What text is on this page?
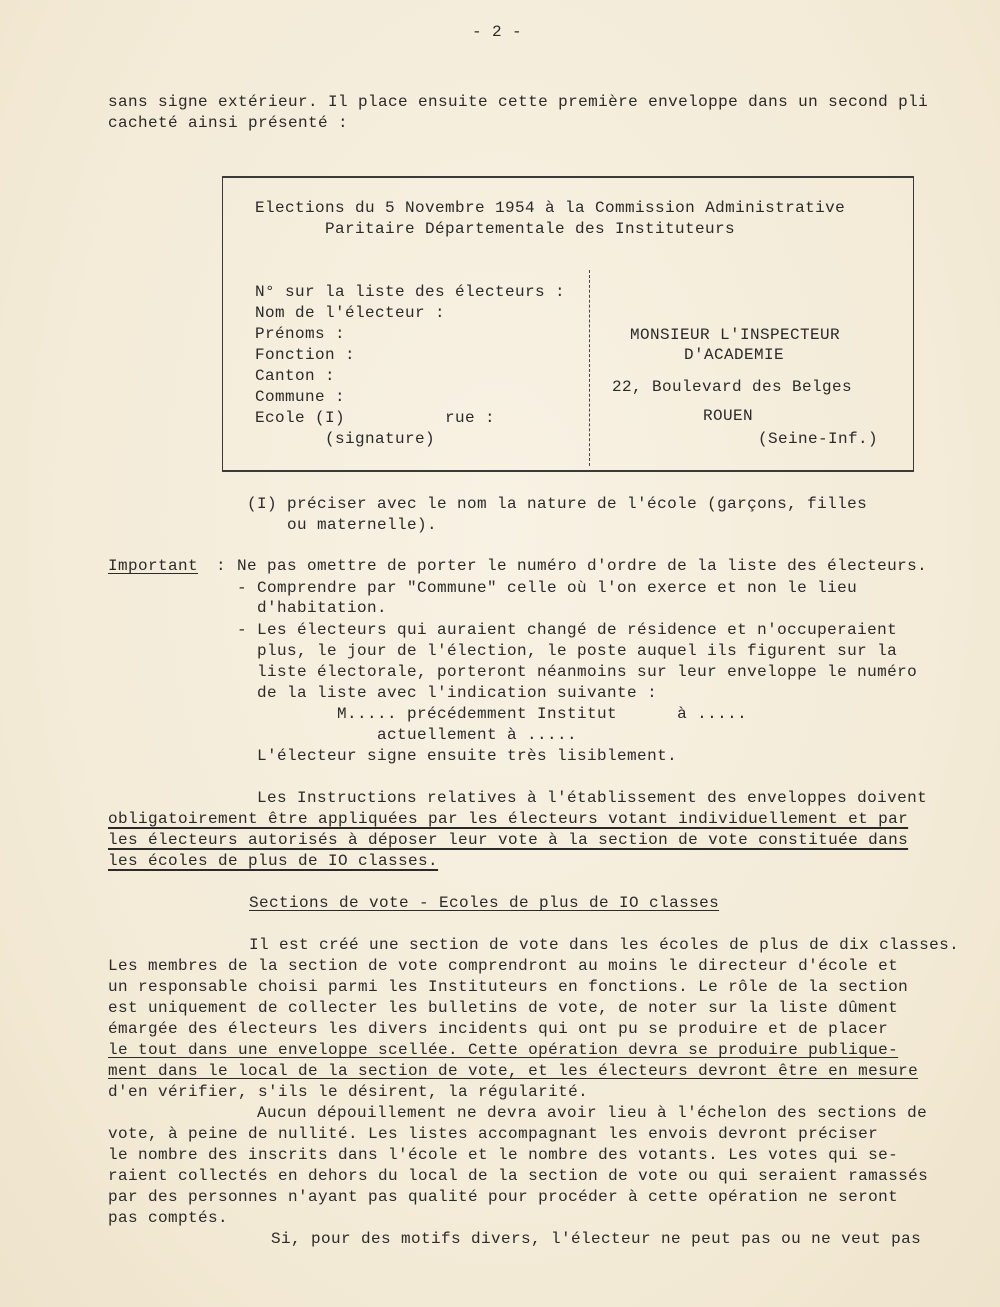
- 2 -
sans signe extérieur. Il place ensuite cette première enveloppe dans un second pli
cacheté ainsi présenté :
Elections du 5 Novembre 1954 à la Commission Administrative
Paritaire Départementale des Instituteurs
N° sur la liste des électeurs :
Nom de l'électeur :
Prénoms :
Fonction :
Canton :
Commune :
Ecole (I)          rue :
(signature)
MONSIEUR L'INSPECTEUR
D'ACADEMIE
22, Boulevard des Belges
ROUEN
(Seine-Inf.)
(I) préciser avec le nom la nature de l'école (garçons, filles
ou maternelle).
Important : Ne pas omettre de porter le numéro d'ordre de la liste des électeurs.
- Comprendre par "Commune" celle où l'on exerce et non le lieu
d'habitation.
- Les électeurs qui auraient changé de résidence et n'occuperaient
plus, le jour de l'élection, le poste auquel ils figurent sur la
liste électorale, porteront néanmoins sur leur enveloppe le numéro
de la liste avec l'indication suivante :
M..... précédemment Institut      à .....
actuellement à .....
L'électeur signe ensuite très lisiblement.
Les Instructions relatives à l'établissement des enveloppes doivent
obligatoirement être appliquées par les électeurs votant individuellement et par
les électeurs autorisés à déposer leur vote à la section de vote constituée dans
les écoles de plus de IO classes.
Sections de vote - Ecoles de plus de IO classes
Il est créé une section de vote dans les écoles de plus de dix classes.
Les membres de la section de vote comprendront au moins le directeur d'école et
un responsable choisi parmi les Instituteurs en fonctions. Le rôle de la section
est uniquement de collecter les bulletins de vote, de noter sur la liste dûment
émargée des électeurs les divers incidents qui ont pu se produire et de placer
le tout dans une enveloppe scellée. Cette opération devra se produire publique-
ment dans le local de la section de vote, et les électeurs devront être en mesure
d'en vérifier, s'ils le désirent, la régularité.
Aucun dépouillement ne devra avoir lieu à l'échelon des sections de
vote, à peine de nullité. Les listes accompagnant les envois devront préciser
le nombre des inscrits dans l'école et le nombre des votants. Les votes qui se-
raient collectés en dehors du local de la section de vote ou qui seraient ramassés
par des personnes n'ayant pas qualité pour procéder à cette opération ne seront
pas comptés.
Si, pour des motifs divers, l'électeur ne peut pas ou ne veut pas
